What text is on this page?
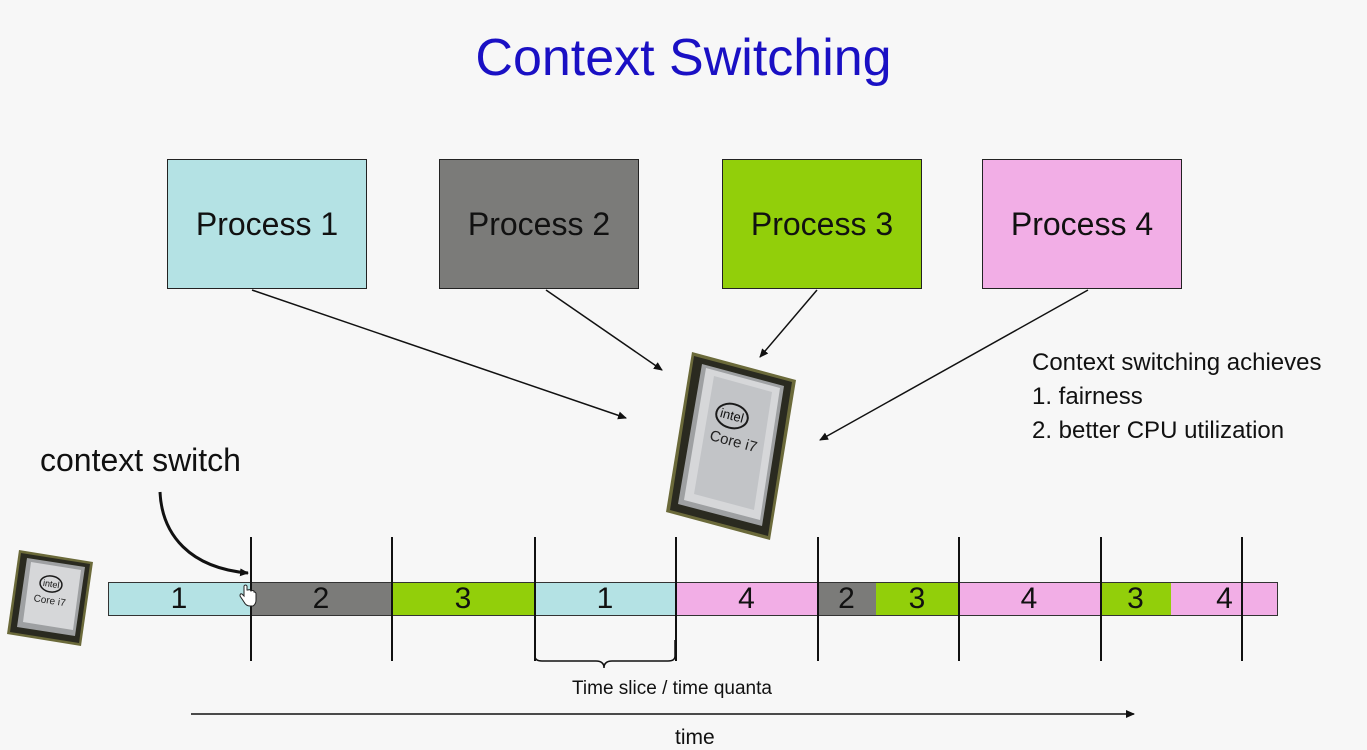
Context Switching
Process 1	Process 2	Process 3	Process 4
intel
Core i7
intel
Core i7
Context switching achieves
1. fairness
2. better CPU utilization
context switch
1	2	3	1	4	2 3	4	3 4
Time slice / time quanta
time
